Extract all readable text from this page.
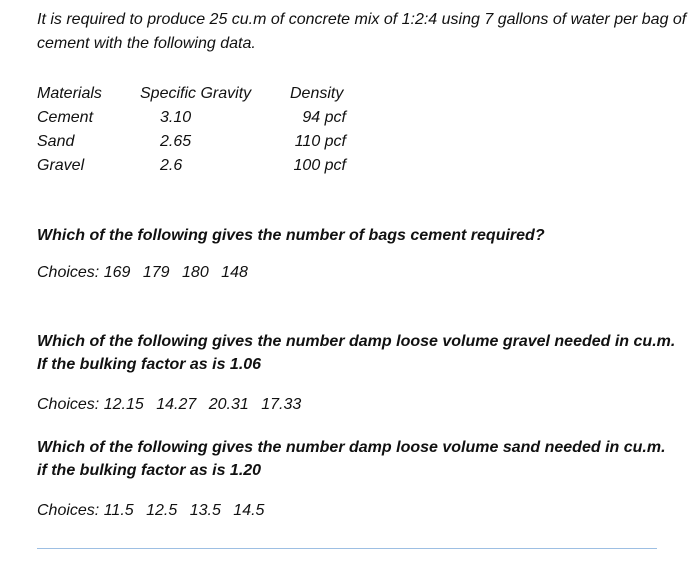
It is required to produce 25 cu.m of concrete mix of 1:2:4 using 7 gallons of water per bag of cement with the following data.

Materials	Specific Gravity	Density
Cement	3.10	94 pcf
Sand	2.65	110 pcf
Gravel	2.6	100 pcf

Which of the following gives the number of bags cement required?

Choices: 169 179 180 148

Which of the following gives the number damp loose volume gravel needed in cu.m. If the bulking factor as is 1.06

Choices: 12.15 14.27 20.31 17.33

Which of the following gives the number damp loose volume sand needed in cu.m. if the bulking factor as is 1.20

Choices: 11.5 12.5 13.5 14.5
